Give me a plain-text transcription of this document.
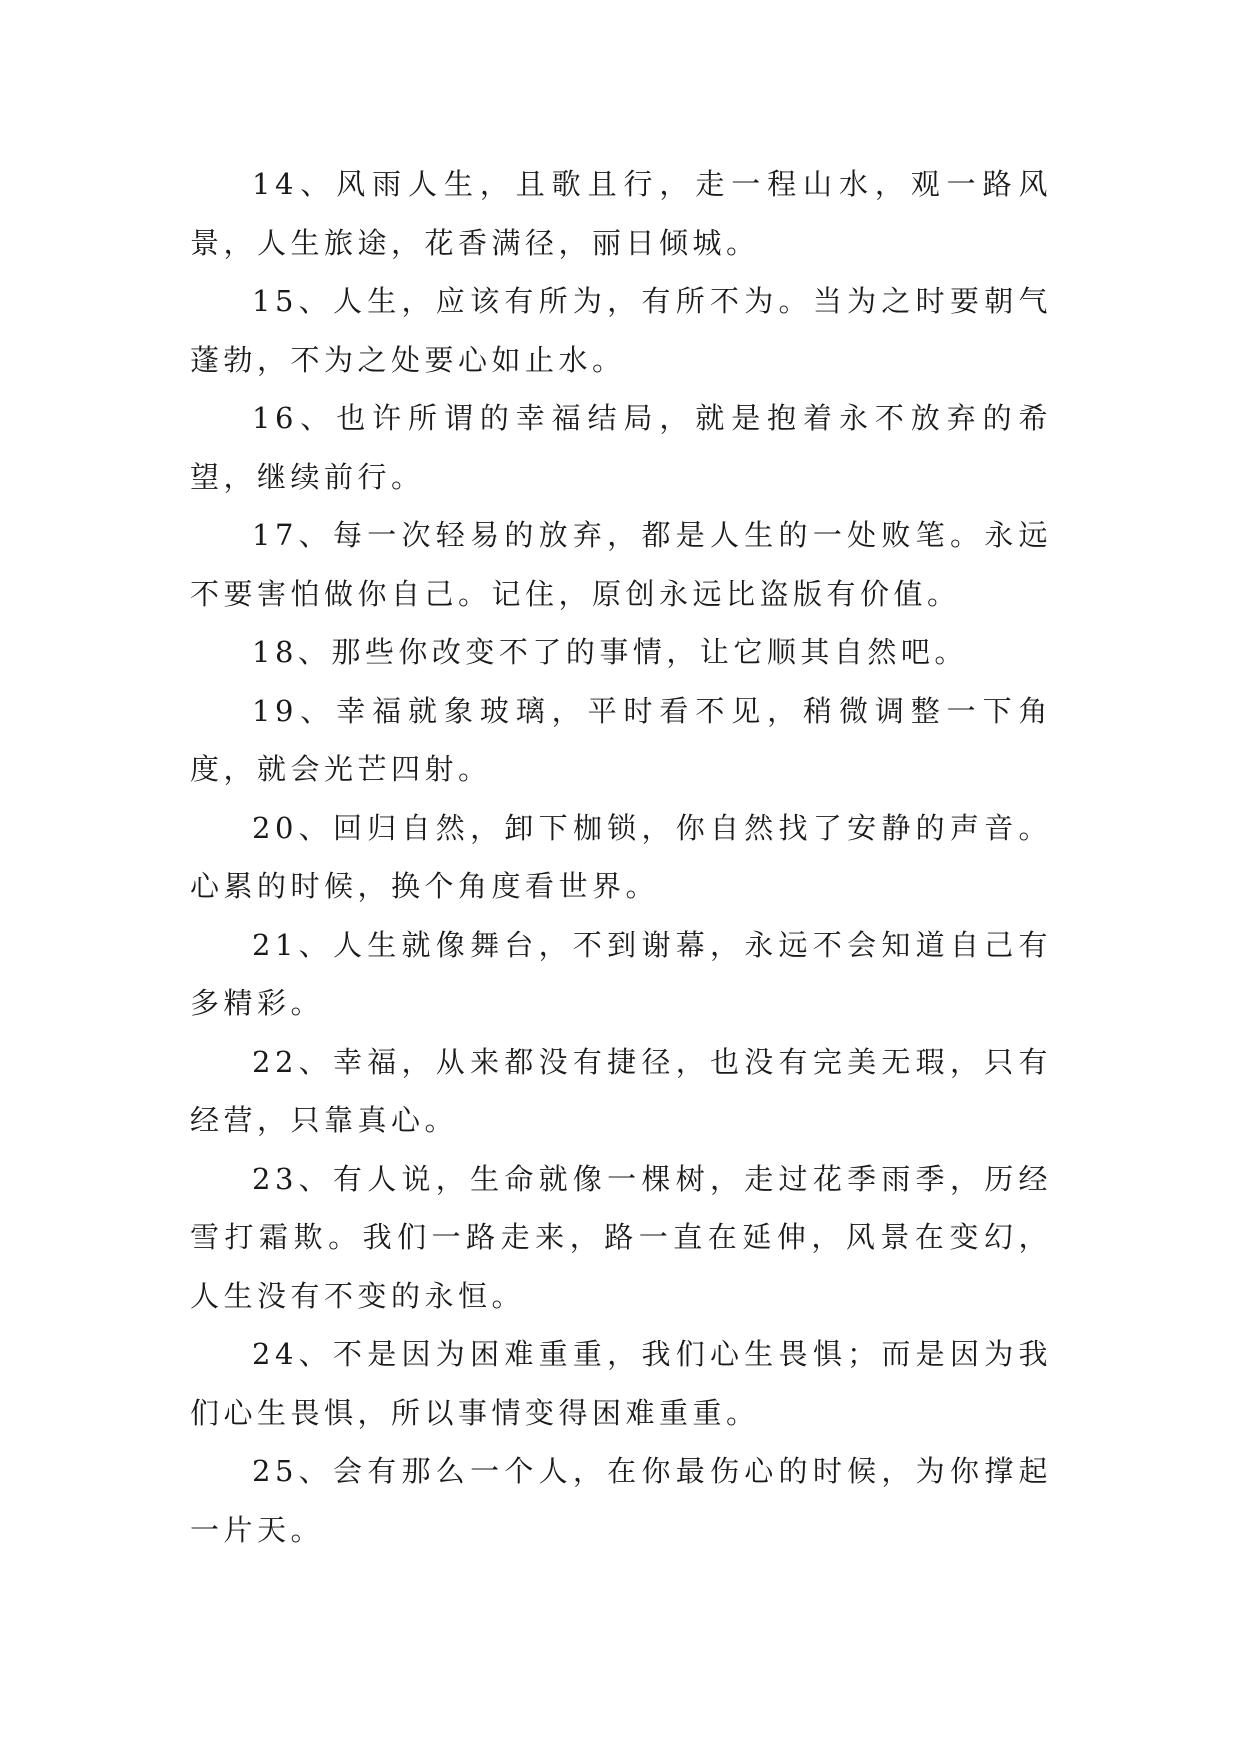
14、风雨人生，且歌且行，走一程山水，观一路风景，人生旅途，花香满径，丽日倾城。

15、人生，应该有所为，有所不为。当为之时要朝气蓬勃，不为之处要心如止水。

16、也许所谓的幸福结局，就是抱着永不放弃的希望，继续前行。

17、每一次轻易的放弃，都是人生的一处败笔。永远不要害怕做你自己。记住，原创永远比盗版有价值。

18、那些你改变不了的事情，让它顺其自然吧。

19、幸福就象玻璃，平时看不见，稍微调整一下角度，就会光芒四射。

20、回归自然，卸下枷锁，你自然找了安静的声音。心累的时候，换个角度看世界。

21、人生就像舞台，不到谢幕，永远不会知道自己有多精彩。

22、幸福，从来都没有捷径，也没有完美无瑕，只有经营，只靠真心。

23、有人说，生命就像一棵树，走过花季雨季，历经雪打霜欺。我们一路走来，路一直在延伸，风景在变幻，人生没有不变的永恒。

24、不是因为困难重重，我们心生畏惧；而是因为我们心生畏惧，所以事情变得困难重重。

25、会有那么一个人，在你最伤心的时候，为你撑起一片天。
